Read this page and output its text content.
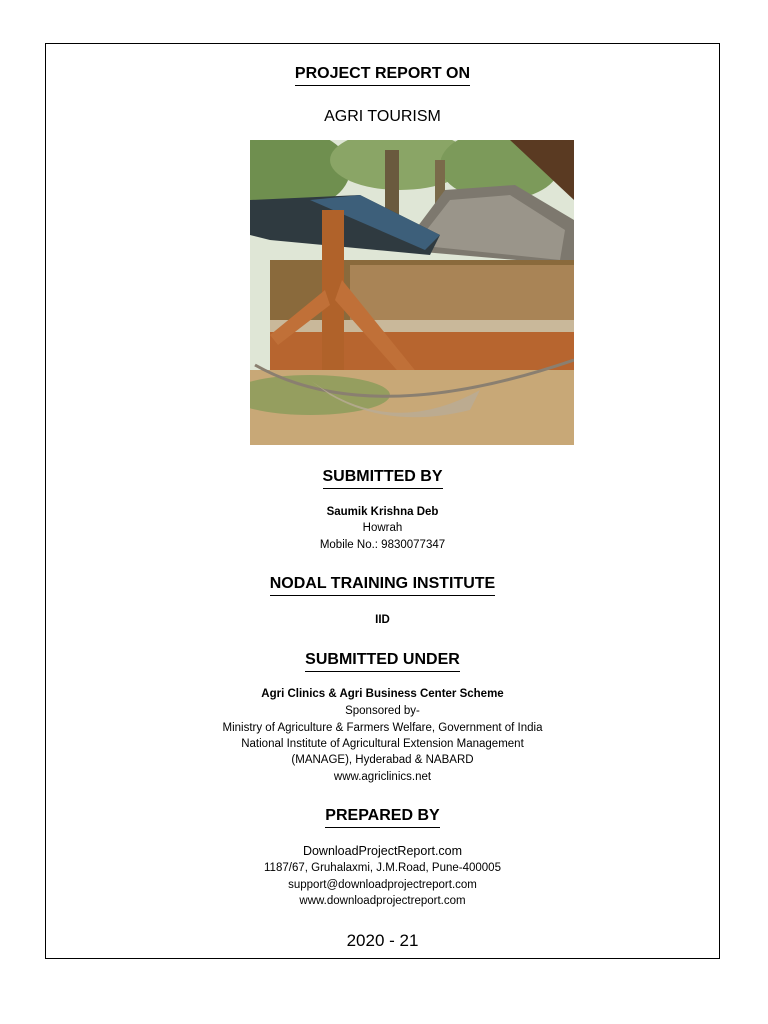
PROJECT REPORT ON
AGRI TOURISM
SUBMITTED BY
Saumik Krishna Deb
Howrah
Mobile No.: 9830077347
NODAL TRAINING INSTITUTE
IID
SUBMITTED UNDER
Agri Clinics & Agri Business Center Scheme
Sponsored by-
Ministry of Agriculture & Farmers Welfare, Government of India
National Institute of Agricultural Extension Management
(MANAGE), Hyderabad & NABARD
www.agriclinics.net
PREPARED BY
DownloadProjectReport.com
1187/67, Gruhalaxmi, J.M.Road, Pune-400005
support@downloadprojectreport.com
www.downloadprojectreport.com
2020 - 21
